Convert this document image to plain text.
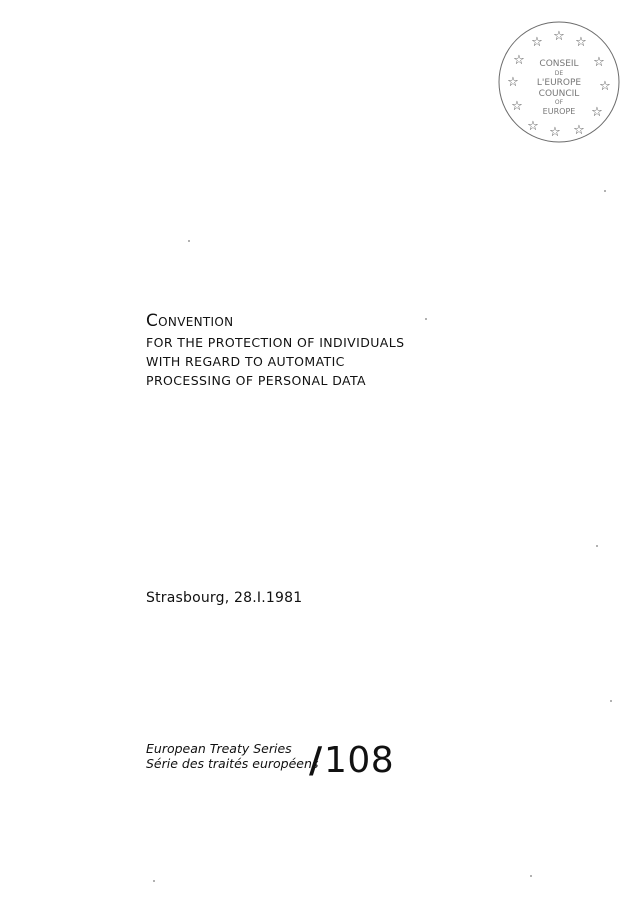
☆ ☆
☆
☆
☆
☆
☆
☆
☆
☆
☆
☆
CONSEIL
DE
L'EUROPE
COUNCIL
OF
EUROPE

Convention

FOR THE PROTECTION OF INDIVIDUALS

WITH REGARD TO AUTOMATIC

PROCESSING OF PERSONAL DATA

Strasbourg, 28.I.1981
European Treaty Series
Série des traités européens
/ 108
